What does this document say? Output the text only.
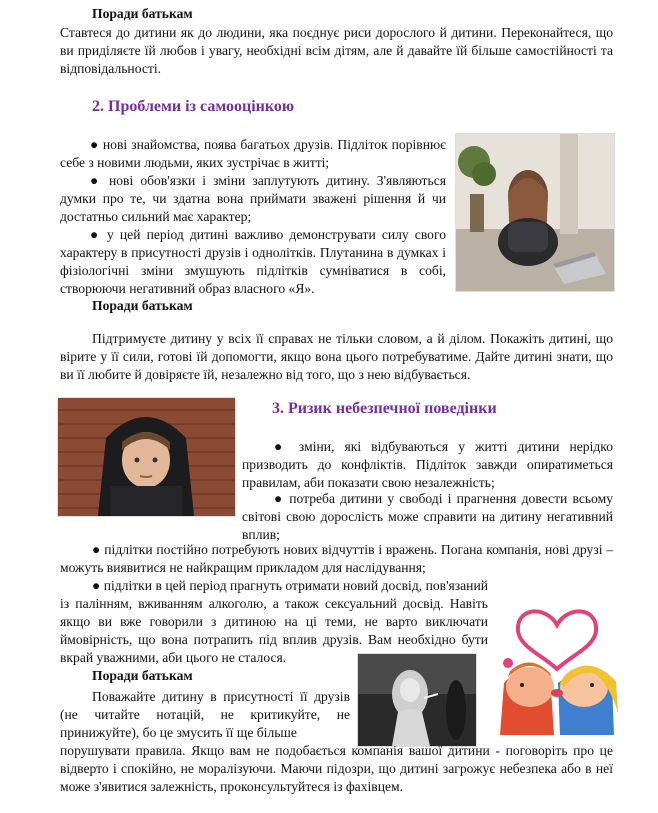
Поради батькам
Ставтеся до дитини як до людини, яка поєднує риси дорослого й дитини. Переконайтеся, що ви приділяєте їй любов і увагу, необхідні всім дітям, але й давайте їй більше самостійності та відповідальності.
2. Проблеми із самооцінкою
● нові знайомства, поява багатьох друзів. Підліток порівнює себе з новими людьми, яких зустрічає в житті;
● нові обов'язки і зміни заплутують дитину. З'являються думки про те, чи здатна вона приймати зважені рішення й чи достатньо сильний має характер;
● у цей період дитині важливо демонструвати силу свого характеру в присутності друзів і однолітків. Плутанина в думках і фізіологічні зміни змушують підлітків сумніватися в собі, створюючи негативний образ власного «Я».
Поради батькам
Підтримуєте дитину у всіх її справах не тільки словом, а й ділом. Покажіть дитині, що вірите у її сили, готові їй допомогти, якщо вона цього потребуватиме. Дайте дитині знати, що ви її любите й довіряєте їй, незалежно від того, що з нею відбувається.
3. Ризик небезпечної поведінки
● зміни, які відбуваються у житті дитини нерідко призводить до конфліктів. Підліток завжди опиратиметься правилам, аби показати свою незалежність;
● потреба дитини у свободі і прагнення довести всьому світові свою дорослість може справити на дитину негативний вплив;
● підлітки постійно потребують нових відчуттів і вражень. Погана компанія, нові друзі – можуть виявитися не найкращим прикладом для наслідування;
● підлітки в цей період прагнуть отримати новий досвід, пов'язаний із палінням, вживанням алкоголю, а також сексуальний досвід. Навіть якщо ви вже говорили з дитиною на ці теми, не варто виключати ймовірність, що вона потрапить під вплив друзів. Вам необхідно бути вкрай уважними, аби цього не сталося.
Поради батькам
Поважайте дитину в присутності її друзів (не читайте нотацій, не критикуйте, не принижуйте), бо це змусить її ще більше
порушувати правила. Якщо вам не подобається компанія вашої дитини - поговоріть про це відверто і спокійно, не моралізуючи. Маючи підозри, що дитині загрожує небезпека або в неї може з'явитися залежність, проконсультуйтеся із фахівцем.
